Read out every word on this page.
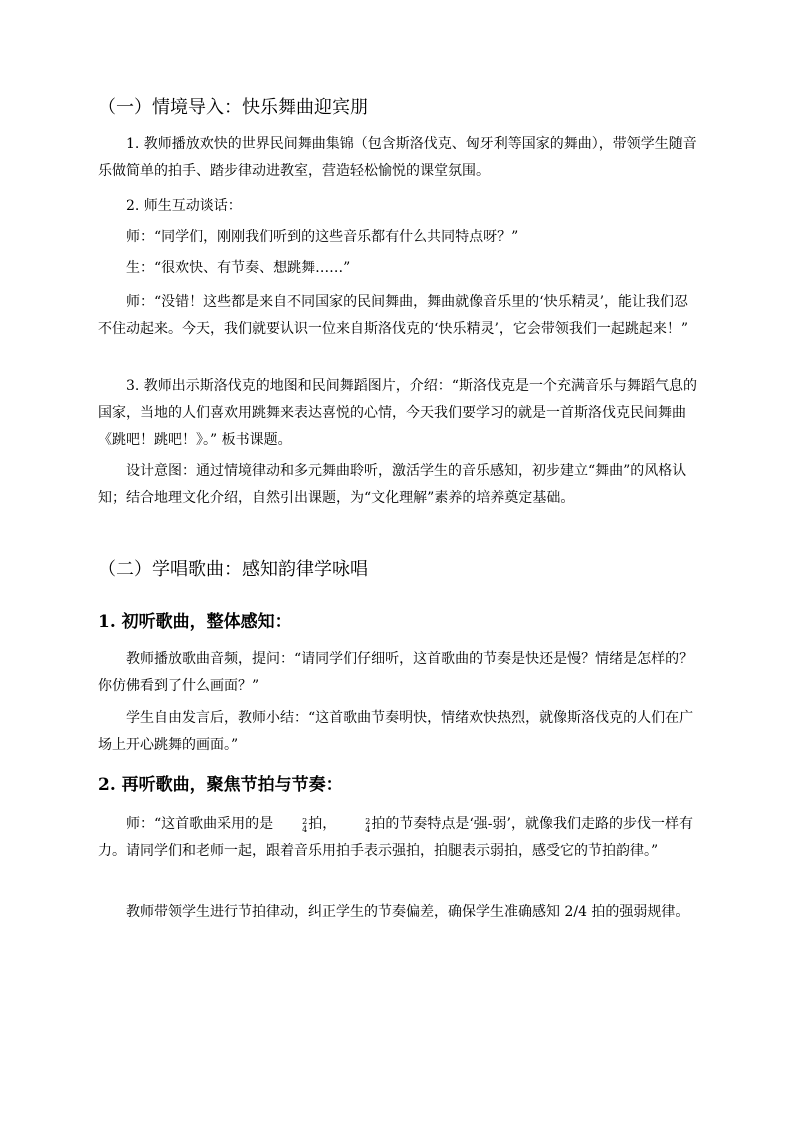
（一）情境导入：快乐舞曲迎宾朋
1. 教师播放欢快的世界民间舞曲集锦（包含斯洛伐克、匈牙利等国家的舞曲），带领学生随音乐做简单的拍手、踏步律动进教室，营造轻松愉悦的课堂氛围。
2. 师生互动谈话：
师：“同学们，刚刚我们听到的这些音乐都有什么共同特点呀？”
生：“很欢快、有节奏、想跳舞……”
师：“没错！这些都是来自不同国家的民间舞曲，舞曲就像音乐里的‘快乐精灵’，能让我们忍不住动起来。今天，我们就要认识一位来自斯洛伐克的‘快乐精灵’，它会带领我们一起跳起来！”
3. 教师出示斯洛伐克的地图和民间舞蹈图片，介绍：“斯洛伐克是一个充满音乐与舞蹈气息的国家，当地的人们喜欢用跳舞来表达喜悦的心情，今天我们要学习的就是一首斯洛伐克民间舞曲《跳吧！跳吧！》。” 板书课题。
设计意图：通过情境律动和多元舞曲聆听，激活学生的音乐感知，初步建立“舞曲”的风格认知；结合地理文化介绍，自然引出课题，为“文化理解”素养的培养奠定基础。
（二）学唱歌曲：感知韵律学咏唱
1. 初听歌曲，整体感知：
教师播放歌曲音频，提问：“请同学们仔细听，这首歌曲的节奏是快还是慢？情绪是怎样的？你仿佛看到了什么画面？”
学生自由发言后，教师小结：“这首歌曲节奏明快，情绪欢快热烈，就像斯洛伐克的人们在广场上开心跳舞的画面。”
2. 再听歌曲，聚焦节拍与节奏：
师：“这首歌曲采用的是	2
4 拍，	2
4 拍的节奏特点是‘强-弱’，就像我们走路的步伐一样有力。请同学们和老师一起，跟着音乐用拍手表示强拍，拍腿表示弱拍，感受它的节拍韵律。”
教师带领学生进行节拍律动，纠正学生的节奏偏差，确保学生准确感知 2/4 拍的强弱规律。
